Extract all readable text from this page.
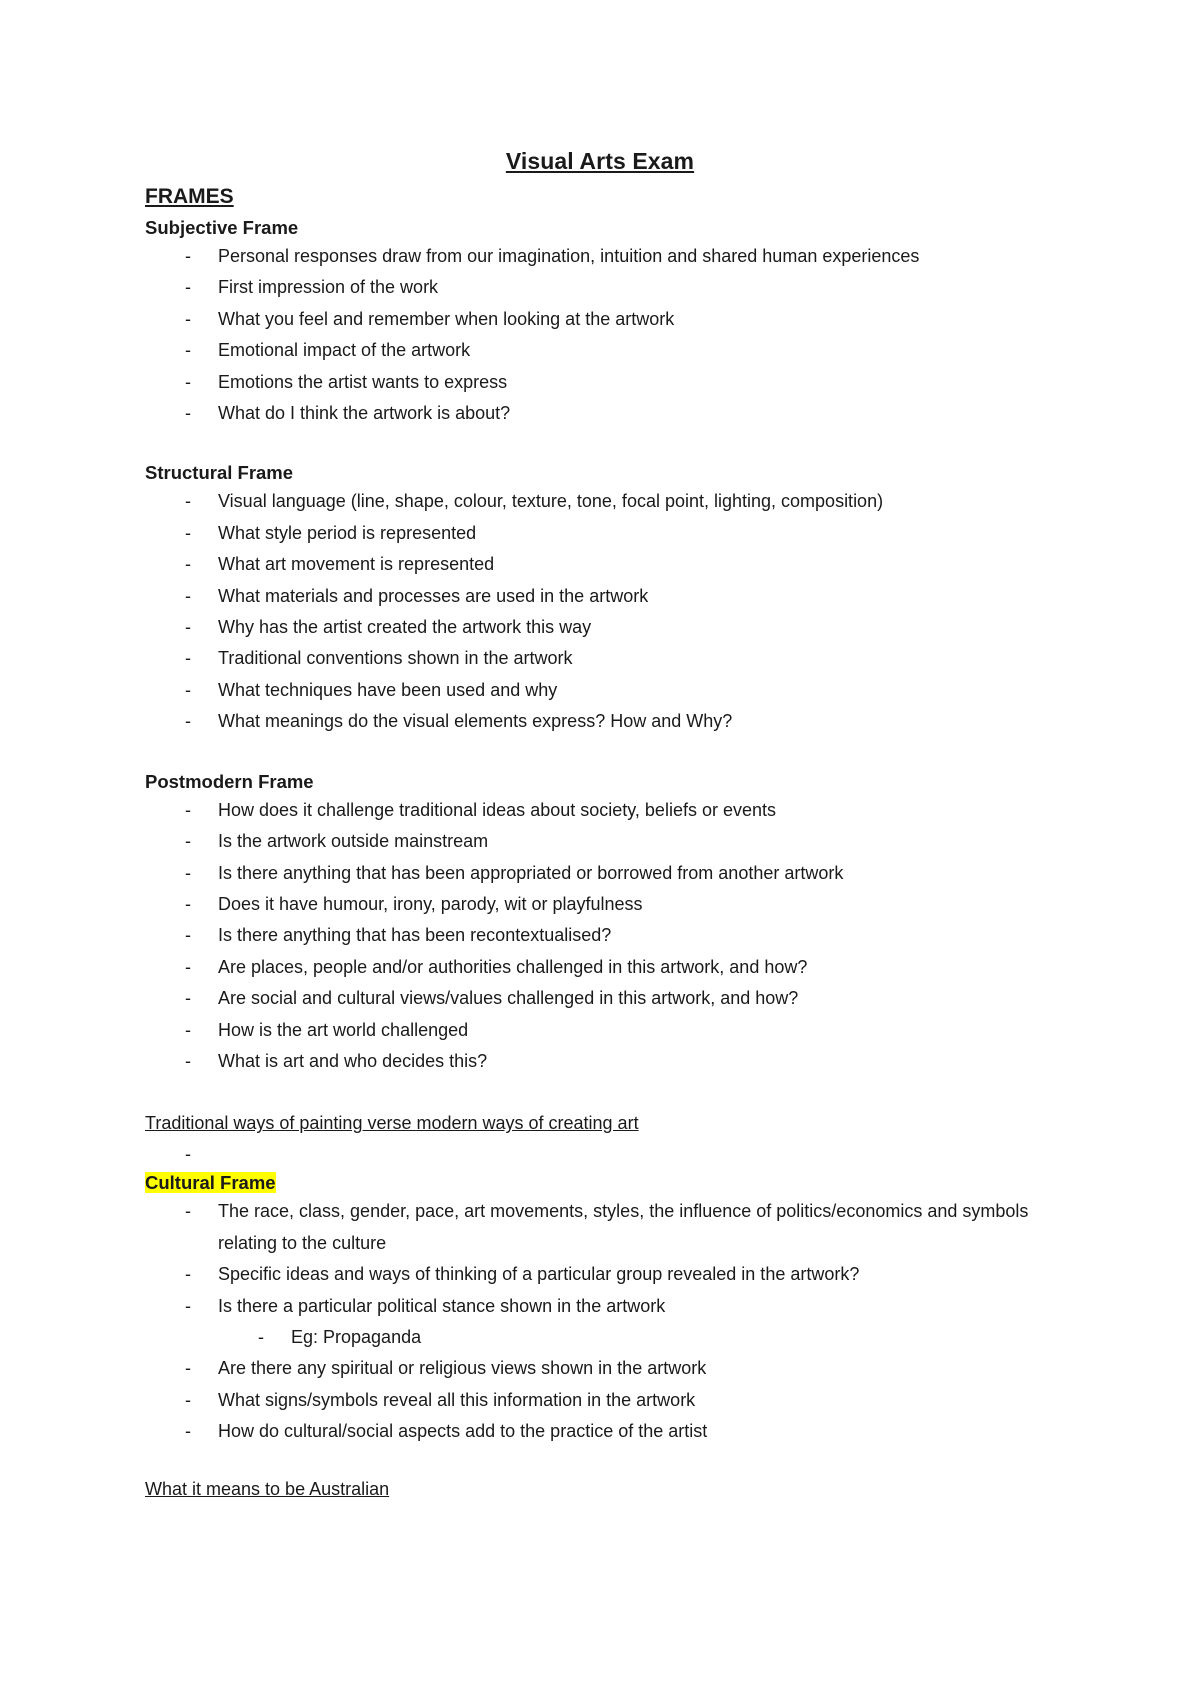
Visual Arts Exam
FRAMES
Subjective Frame
- Personal responses draw from our imagination, intuition and shared human experiences
- First impression of the work
- What you feel and remember when looking at the artwork
- Emotional impact of the artwork
- Emotions the artist wants to express
- What do I think the artwork is about?
Structural Frame
- Visual language (line, shape, colour, texture, tone, focal point, lighting, composition)
- What style period is represented
- What art movement is represented
- What materials and processes are used in the artwork
- Why has the artist created the artwork this way
- Traditional conventions shown in the artwork
- What techniques have been used and why
- What meanings do the visual elements express? How and Why?
Postmodern Frame
- How does it challenge traditional ideas about society, beliefs or events
- Is the artwork outside mainstream
- Is there anything that has been appropriated or borrowed from another artwork
- Does it have humour, irony, parody, wit or playfulness
- Is there anything that has been recontextualised?
- Are places, people and/or authorities challenged in this artwork, and how?
- Are social and cultural views/values challenged in this artwork, and how?
- How is the art world challenged
- What is art and who decides this?
Traditional ways of painting verse modern ways of creating art
Cultural Frame
- The race, class, gender, pace, art movements, styles, the influence of politics/economics and symbols relating to the culture
- Specific ideas and ways of thinking of a particular group revealed in the artwork?
- Is there a particular political stance shown in the artwork
- Eg: Propaganda
- Are there any spiritual or religious views shown in the artwork
- What signs/symbols reveal all this information in the artwork
- How do cultural/social aspects add to the practice of the artist
What it means to be Australian
